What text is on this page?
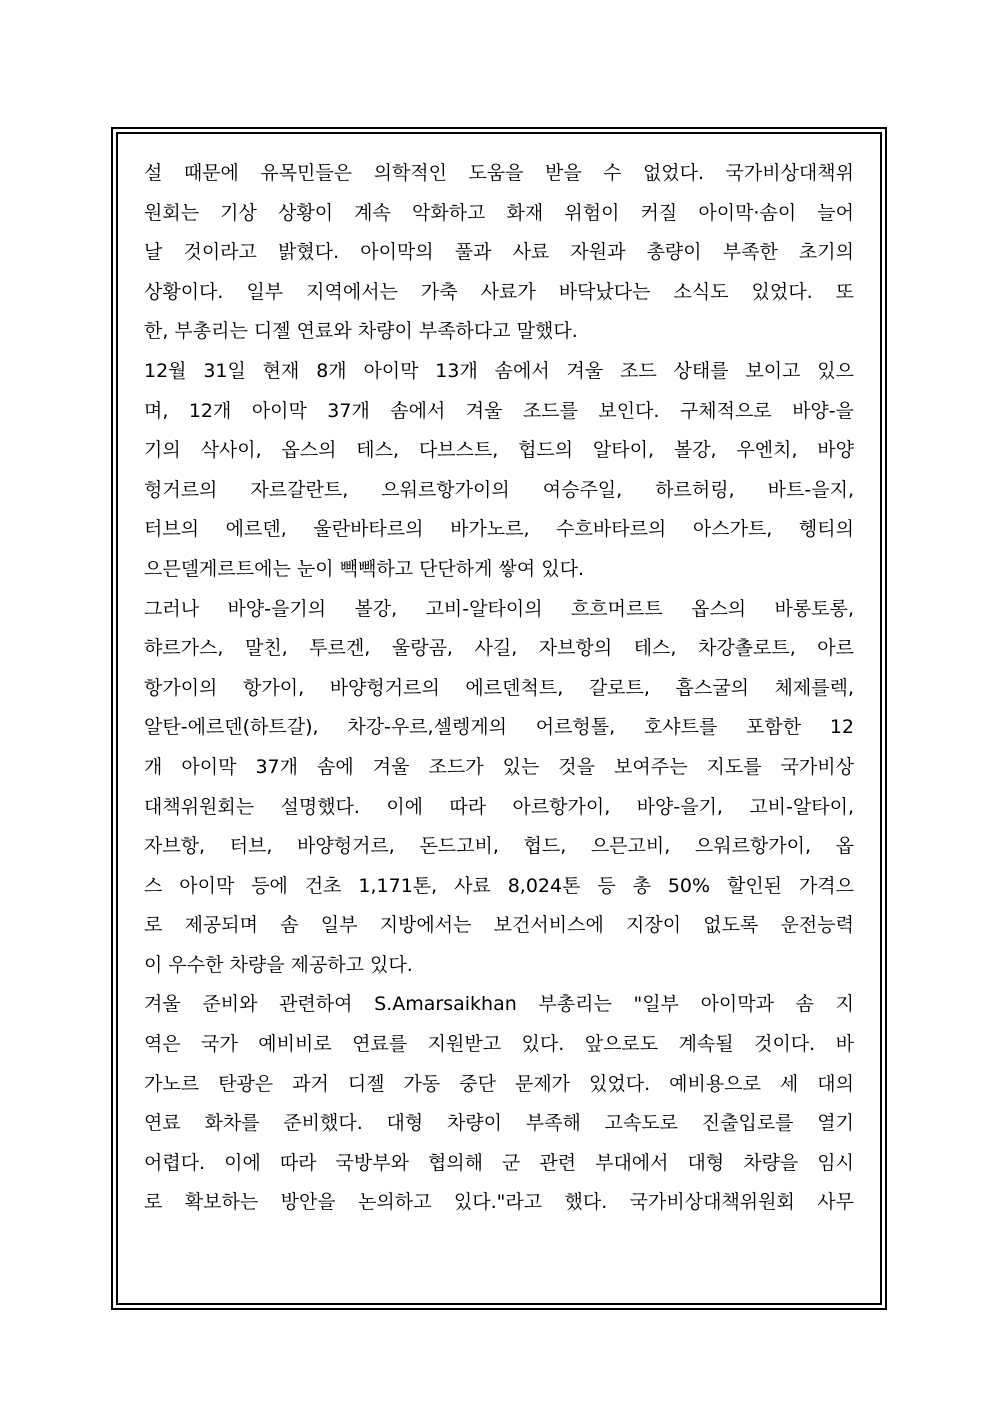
설 때문에 유목민들은 의학적인 도움을 받을 수 없었다. 국가비상대책위
원회는 기상 상황이 계속 악화하고 화재 위험이 커질 아이막·솜이 늘어
날 것이라고 밝혔다. 아이막의 풀과 사료 자원과 총량이 부족한 초기의
상황이다. 일부 지역에서는 가축 사료가 바닥났다는 소식도 있었다. 또
한, 부총리는 디젤 연료와 차량이 부족하다고 말했다.
12월 31일 현재 8개 아이막 13개 솜에서 겨울 조드 상태를 보이고 있으
며, 12개 아이막 37개 솜에서 겨울 조드를 보인다. 구체적으로 바양-을
기의 삭사이, 옵스의 테스, 다브스트, 헙드의 알타이, 볼강, 우엔치, 바양
헝거르의 자르갈란트, 으워르항가이의 여승주일, 하르허링, 바트-을지,
터브의 에르덴, 울란바타르의 바가노르, 수흐바타르의 아스가트, 헹티의
으믄델게르트에는 눈이 빽빽하고 단단하게 쌓여 있다.
그러나 바양-을기의 볼강, 고비-알타이의 흐흐머르트 옵스의 바롱토롱,
햐르가스, 말친, 투르겐, 울랑곰, 사길, 자브항의 테스, 차강촐로트, 아르
항가이의 항가이, 바양헝거르의 에르덴척트, 갈로트, 흡스굴의 체제를렉,
알탄-에르덴(하트갈), 차강-우르,셀렝게의 어르헝톨, 호샤트를 포함한 12
개 아이막 37개 솜에 겨울 조드가 있는 것을 보여주는 지도를 국가비상
대책위원회는 설명했다. 이에 따라 아르항가이, 바양-을기, 고비-알타이,
자브항, 터브, 바양헝거르, 돈드고비, 헙드, 으믄고비, 으워르항가이, 옵
스 아이막 등에 건초 1,171톤, 사료 8,024톤 등 총 50% 할인된 가격으
로 제공되며 솜 일부 지방에서는 보건서비스에 지장이 없도록 운전능력
이 우수한 차량을 제공하고 있다.
겨울 준비와 관련하여 S.Amarsaikhan 부총리는 "일부 아이막과 솜 지
역은 국가 예비비로 연료를 지원받고 있다. 앞으로도 계속될 것이다. 바
가노르 탄광은 과거 디젤 가동 중단 문제가 있었다. 예비용으로 세 대의
연료 화차를 준비했다. 대형 차량이 부족해 고속도로 진출입로를 열기
어렵다. 이에 따라 국방부와 협의해 군 관련 부대에서 대형 차량을 임시
로 확보하는 방안을 논의하고 있다."라고 했다. 국가비상대책위원회 사무
